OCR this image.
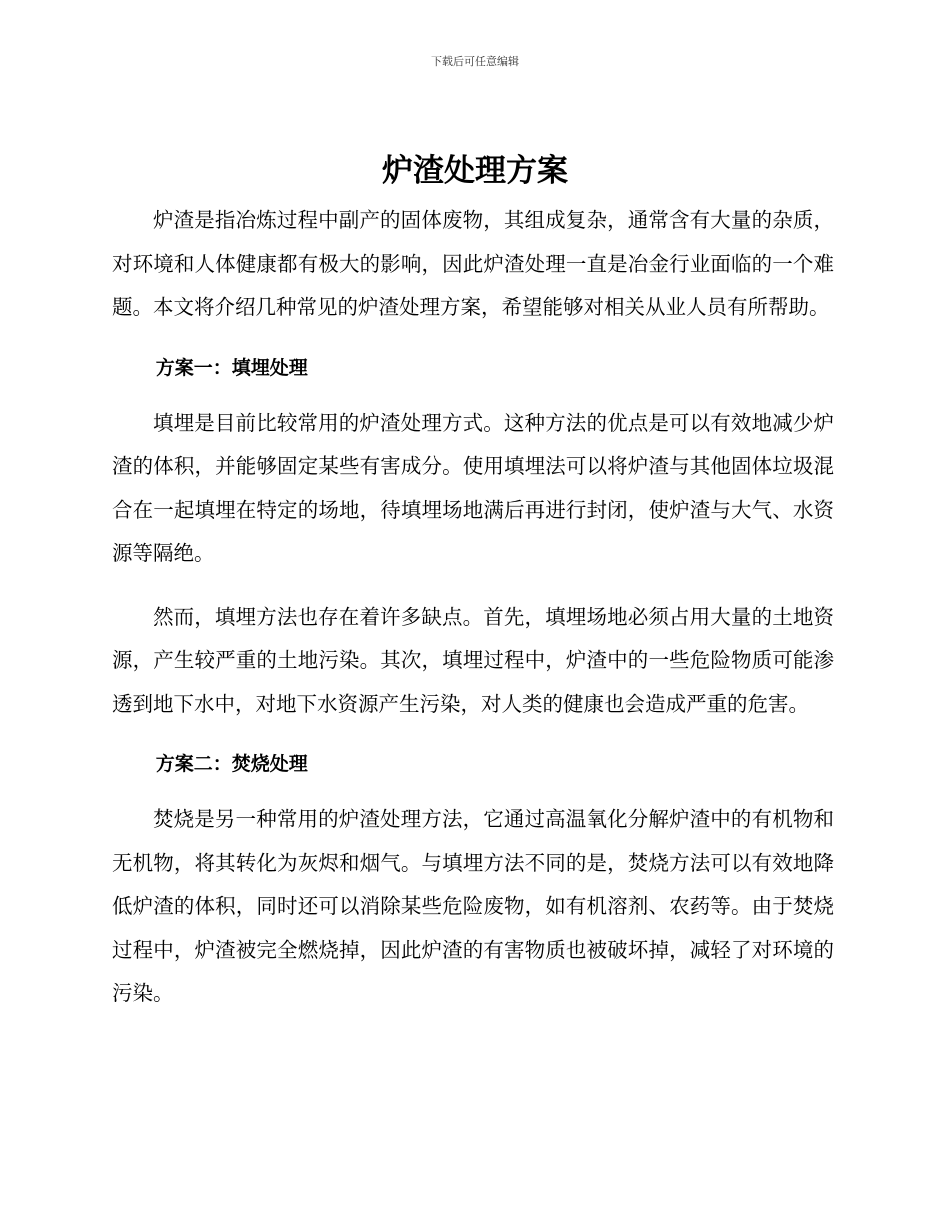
下载后可任意编辑
炉渣处理方案

炉渣是指冶炼过程中副产的固体废物，其组成复杂，通常含有大量的杂质，对环境和人体健康都有极大的影响，因此炉渣处理一直是冶金行业面临的一个难题。本文将介绍几种常见的炉渣处理方案，希望能够对相关从业人员有所帮助。

方案一：填埋处理

填埋是目前比较常用的炉渣处理方式。这种方法的优点是可以有效地减少炉渣的体积，并能够固定某些有害成分。使用填埋法可以将炉渣与其他固体垃圾混合在一起填埋在特定的场地，待填埋场地满后再进行封闭，使炉渣与大气、水资源等隔绝。

然而，填埋方法也存在着许多缺点。首先，填埋场地必须占用大量的土地资源，产生较严重的土地污染。其次，填埋过程中，炉渣中的一些危险物质可能渗透到地下水中，对地下水资源产生污染，对人类的健康也会造成严重的危害。

方案二：焚烧处理

焚烧是另一种常用的炉渣处理方法，它通过高温氧化分解炉渣中的有机物和无机物，将其转化为灰烬和烟气。与填埋方法不同的是，焚烧方法可以有效地降低炉渣的体积，同时还可以消除某些危险废物，如有机溶剂、农药等。由于焚烧过程中，炉渣被完全燃烧掉，因此炉渣的有害物质也被破坏掉，减轻了对环境的污染。
